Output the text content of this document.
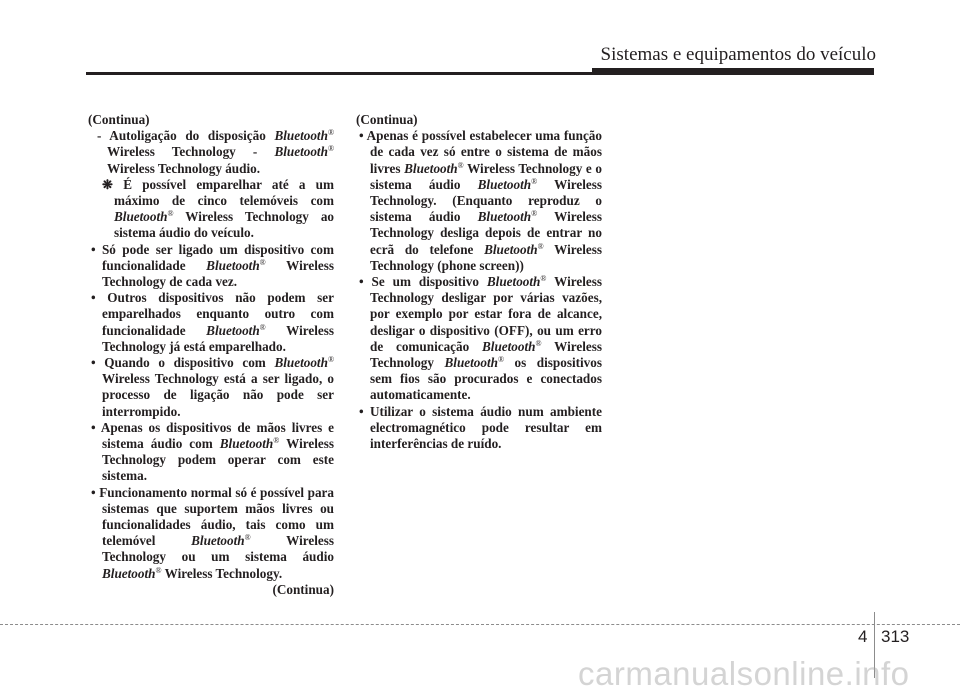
Sistemas e equipamentos do veículo

(Continua)

- Autoligação do disposição Bluetooth® Wireless Technology - Bluetooth® Wireless Technology áudio.

❋ É possível emparelhar até a um máximo de cinco telemóveis com Bluetooth® Wireless Technology ao sistema áudio do veículo.

• Só pode ser ligado um dispositivo com funcionalidade Bluetooth® Wireless Technology de cada vez.

• Outros dispositivos não podem ser emparelhados enquanto outro com funcionalidade Bluetooth® Wireless Technology já está emparelhado.

• Quando o dispositivo com Bluetooth® Wireless Technology está a ser ligado, o processo de ligação não pode ser interrompido.

• Apenas os dispositivos de mãos livres e sistema áudio com Bluetooth® Wireless Technology podem operar com este sistema.

• Funcionamento normal só é possível para sistemas que suportem mãos livres ou funcionalidades áudio, tais como um telemóvel	Bluetooth®	Wireless Technology ou um sistema áudio Bluetooth® Wireless Technology.

(Continua)

(Continua)

• Apenas é possível estabelecer uma função de cada vez só entre o sistema de mãos livres Bluetooth® Wireless Technology e o sistema áudio Bluetooth® Wireless Technology. (Enquanto reproduz o sistema áudio Bluetooth® Wireless Technology desliga depois de entrar no ecrã do telefone Bluetooth® Wireless Technology (phone screen))

• Se um dispositivo Bluetooth® Wireless Technology desligar por várias vazões, por exemplo por estar fora de alcance, desligar o dispositivo (OFF), ou um erro de comunicação Bluetooth® Wireless Technology Bluetooth® os dispositivos sem fios são procurados e conectados automaticamente.

• Utilizar o sistema áudio num ambiente electromagnético pode resultar em interferências de ruído.

4 313
carmanualsonline.info
